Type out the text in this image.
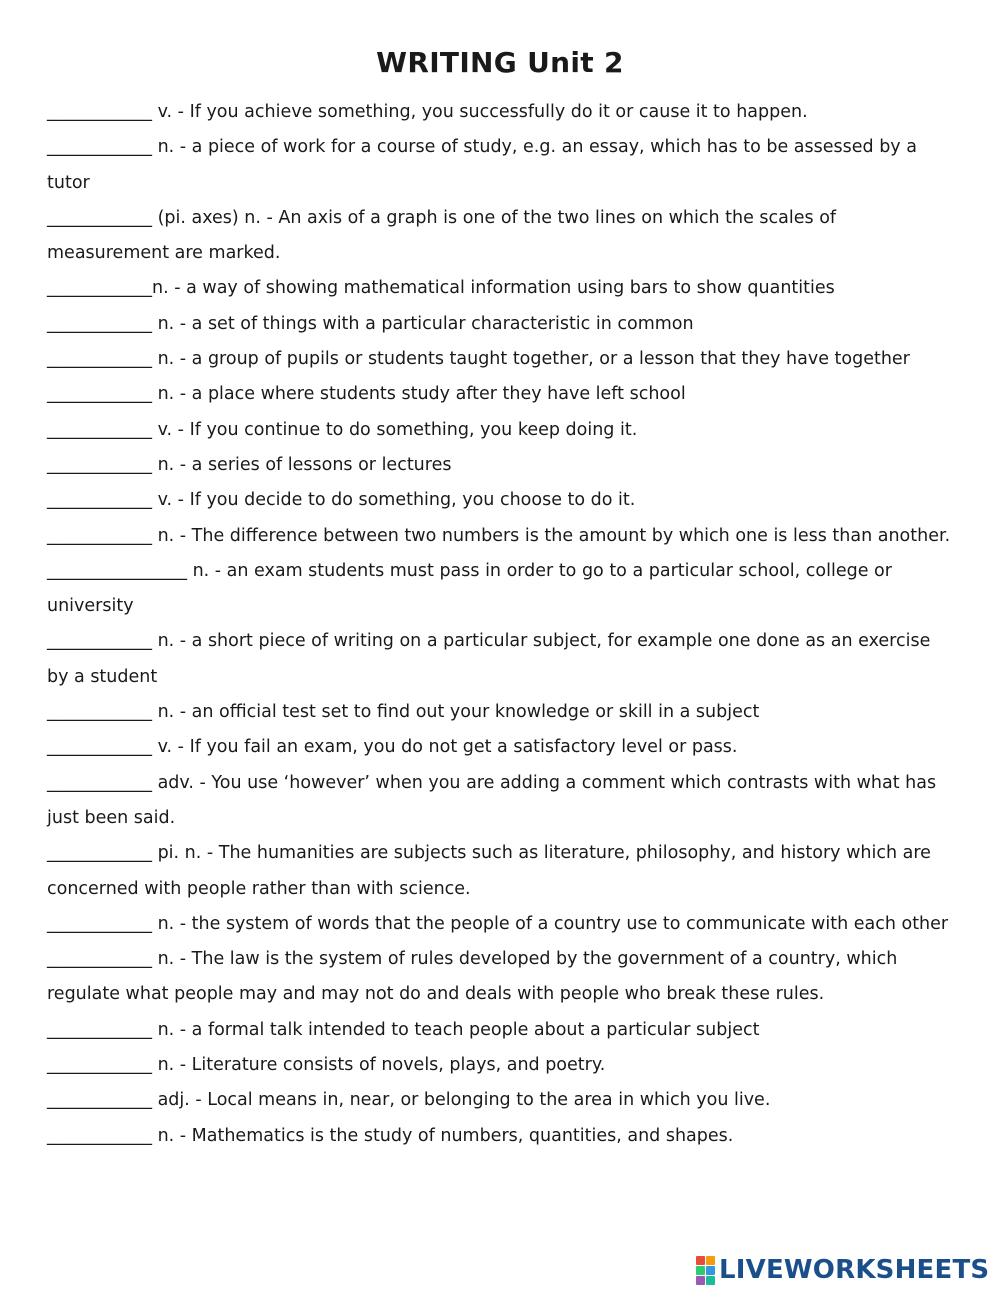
WRITING Unit 2

____________ v. - If you achieve something, you successfully do it or cause it to happen.

____________ n. - a piece of work for a course of study, e.g. an essay, which has to be assessed by a tutor

____________ (pi. axes) n. - An axis of a graph is one of the two lines on which the scales of measurement are marked.

____________n. - a way of showing mathematical information using bars to show quantities

____________ n. - a set of things with a particular characteristic in common

____________ n. - a group of pupils or students taught together, or a lesson that they have together

____________ n. - a place where students study after they have left school

____________ v. - If you continue to do something, you keep doing it.

____________ n. - a series of lessons or lectures

____________ v. - If you decide to do something, you choose to do it.

____________ n. - The difference between two numbers is the amount by which one is less than another.

________________ n. - an exam students must pass in order to go to a particular school, college or university

____________ n. - a short piece of writing on a particular subject, for example one done as an exercise by a student

____________ n. - an official test set to find out your knowledge or skill in a subject

____________ v. - If you fail an exam, you do not get a satisfactory level or pass.

____________ adv. - You use ‘however’ when you are adding a comment which contrasts with what has just been said.

____________ pi. n. - The humanities are subjects such as literature, philosophy, and history which are concerned with people rather than with science.

____________ n. - the system of words that the people of a country use to communicate with each other

____________ n. - The law is the system of rules developed by the government of a country, which regulate what people may and may not do and deals with people who break these rules.

____________ n. - a formal talk intended to teach people about a particular subject

____________ n. - Literature consists of novels, plays, and poetry.

____________ adj. - Local means in, near, or belonging to the area in which you live.

____________ n. - Mathematics is the study of numbers, quantities, and shapes.

LIVEWORKSHEETS
